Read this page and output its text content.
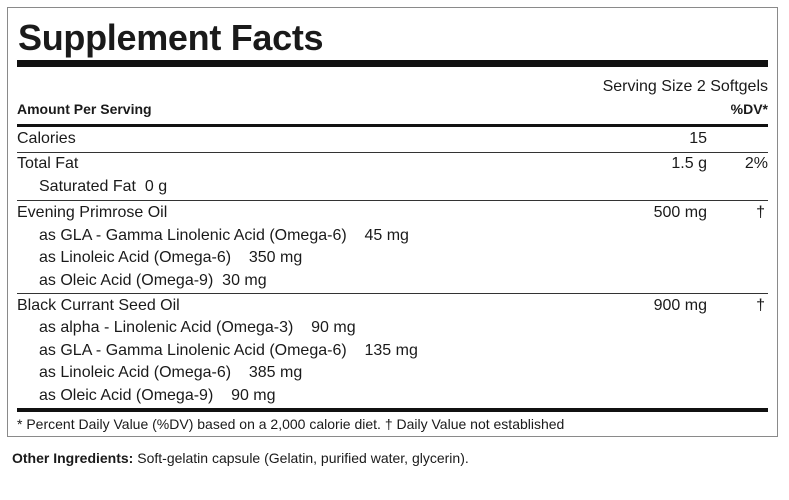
Supplement Facts
Serving Size 2 Softgels
Amount Per Serving	%DV*
Calories	15
Total Fat	1.5 g 2%
Saturated Fat 0 g
Evening Primrose Oil	500 mg	†
as GLA - Gamma Linolenic Acid (Omega-6) 45 mg
as Linoleic Acid (Omega-6) 350 mg
as Oleic Acid (Omega-9) 30 mg
Black Currant Seed Oil	900 mg	†
as alpha - Linolenic Acid (Omega-3) 90 mg
as GLA - Gamma Linolenic Acid (Omega-6) 135 mg
as Linoleic Acid (Omega-6) 385 mg
as Oleic Acid (Omega-9) 90 mg
* Percent Daily Value (%DV) based on a 2,000 calorie diet. † Daily Value not established
Other Ingredients: Soft-gelatin capsule (Gelatin, purified water, glycerin).
